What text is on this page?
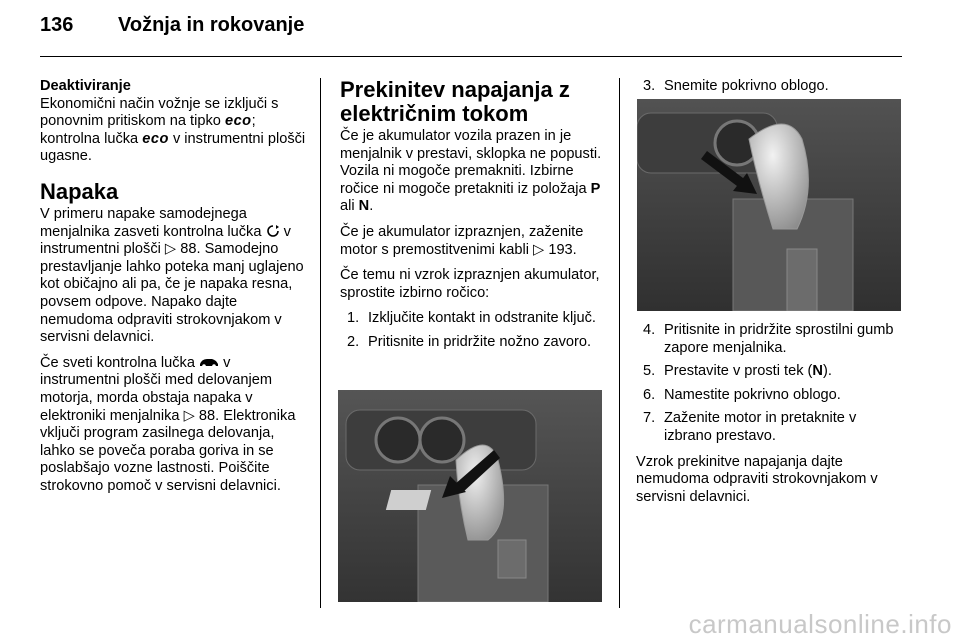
136	Vožnja in rokovanje
Deaktiviranje

Ekonomični način vožnje se izključi s ponovnim pritiskom na tipko eco; kontrolna lučka eco v instrumentni plošči ugasne.

Napaka

V primeru napake samodejnega menjalnika zasveti kontrolna lučka v instrumentni plošči ▷ 88. Samodejno prestavljanje lahko poteka manj uglajeno kot običajno ali pa, če je napaka resna, povsem odpove. Napako dajte nemudoma odpraviti strokovnjakom v servisni delavnici.

Če sveti kontrolna lučka v instrumentni plošči med delovanjem motorja, morda obstaja napaka v elektroniki menjalnika ▷ 88. Elektronika vključi program zasilnega delovanja, lahko se poveča poraba goriva in se poslabšajo vozne lastnosti. Poiščite strokovno pomoč v servisni delavnici.

Prekinitev napajanja z električnim tokom

Če je akumulator vozila prazen in je menjalnik v prestavi, sklopka ne popusti. Vozila ni mogoče premakniti. Izbirne ročice ni mogoče pretakniti iz položaja P ali N.

Če je akumulator izpraznjen, zaženite motor s premostitvenimi kabli ▷ 193.

Če temu ni vzrok izpraznjen akumulator, sprostite izbirno ročico:

1. Izključite kontakt in odstranite ključ.
2. Pritisnite in pridržite nožno zavoro.
3. Snemite pokrivno oblogo.
4. Pritisnite in pridržite sprostilni gumb zapore menjalnika.
5. Prestavite v prosti tek (N).
6. Namestite pokrivno oblogo.
7. Zaženite motor in pretaknite v izbrano prestavo.

Vzrok prekinitve napajanja dajte nemudoma odpraviti strokovnjakom v servisni delavnici.

carmanualsonline.info
